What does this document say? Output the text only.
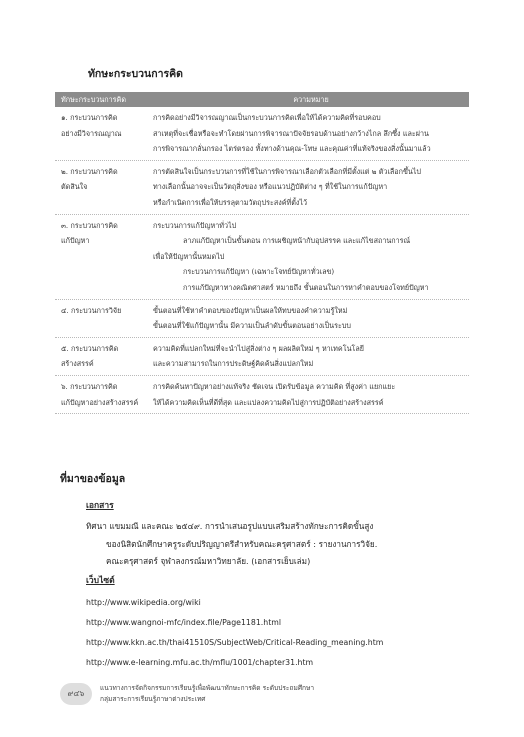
ทักษะกระบวนการคิด
ทักษะกระบวนการคิด	ความหมาย
๑. กระบวนการคิด
อย่างมีวิจารณญาณ
การคิดอย่างมีวิจารณญาณเป็นกระบวนการคิดเพื่อให้ได้ความคิดที่รอบคอบ
สาเหตุที่จะเชื่อหรือจะทำโดยผ่านการพิจารณาปัจจัยรอบด้านอย่างกว้างไกล ลึกซึ้ง และผ่าน
การพิจารณากลั่นกรอง ไตร่ตรอง ทั้งทางด้านคุณ-โทษ และคุณค่าที่แท้จริงของสิ่งนั้นมาแล้ว
๒. กระบวนการคิด
ตัดสินใจ
การตัดสินใจเป็นกระบวนการที่ใช้ในการพิจารณาเลือกตัวเลือกที่มีตั้งแต่ ๒ ตัวเลือกขึ้นไป
ทางเลือกนั้นอาจจะเป็นวัตถุสิ่งของ หรือแนวปฏิบัติต่าง ๆ ที่ใช้ในการแก้ปัญหา
หรือกำเนิดการเพื่อให้บรรลุตามวัตถุประสงค์ที่ตั้งไว้
๓. กระบวนการคิด
แก้ปัญหา
กระบวนการแก้ปัญหาทั่วไป
ลาภแก้ปัญหาเป็นขั้นตอน การเผชิญหน้ากับอุปสรรค และแก้ไขสถานการณ์
เพื่อให้ปัญหานั้นหมดไป
กระบวนการแก้ปัญหา (เฉพาะโจทย์ปัญหาทั่วเลข)
การแก้ปัญหาทางคณิตศาสตร์ หมายถึง ขั้นตอนในการหาคำตอบของโจทย์ปัญหา
๔. กระบวนการวิจัย	ขั้นตอนที่ใช้หาคำตอบของปัญหาเป็นผลให้ทบของคำความรู้ใหม่
ขั้นตอนที่ใช้แก้ปัญหานั้น มีความเป็นลำดับขั้นตอนอย่างเป็นระบบ
๕. กระบวนการคิด
สร้างสรรค์
ความคิดที่แปลกใหม่ที่จะนำไปสู่สิ่งต่าง ๆ ผลผลิตใหม่ ๆ หาเทคโนโลยี
และความสามารถในการประดิษฐ์คิดค้นสิ่งแปลกใหม่
๖. กระบวนการคิด
แก้ปัญหาอย่างสร้างสรรค์
การคิดค้นหาปัญหาอย่างแท้จริง ชัดเจน เปิดรับข้อมูล ความคิด ที่สูงค่า แยกแยะ
ให้ได้ความคิดเห็นที่ดีที่สุด และแปลงความคิดไปสู่การปฏิบัติอย่างสร้างสรรค์
ที่มาของข้อมูล
เอกสาร
ทิศนา แขมมณี และคณะ ๒๕๔๙. การนำเสนอรูปแบบเสริมสร้างทักษะการคิดขั้นสูง
ของนิสิตนักศึกษาครูระดับปริญญาตรีสำหรับคณะครุศาสตร์ : รายงานการวิจัย.
คณะครุศาสตร์ จุฬาลงกรณ์มหาวิทยาลัย. (เอกสารเย็บเล่ม)
เว็บไซต์
http://www.wikipedia.org/wiki
http://www.wangnoi-mfc/index.file/Page1181.html
http://www.kkn.ac.th/thai41510S/SubjectWeb/Critical-Reading_meaning.htm
http://www.e-learning.mfu.ac.th/mflu/1001/chapter31.htm
๙๔๖
แนวทางการจัดกิจกรรมการเรียนรู้เพื่อพัฒนาทักษะการคิด ระดับประถมศึกษา
กลุ่มสาระการเรียนรู้ภาษาต่างประเทศ
